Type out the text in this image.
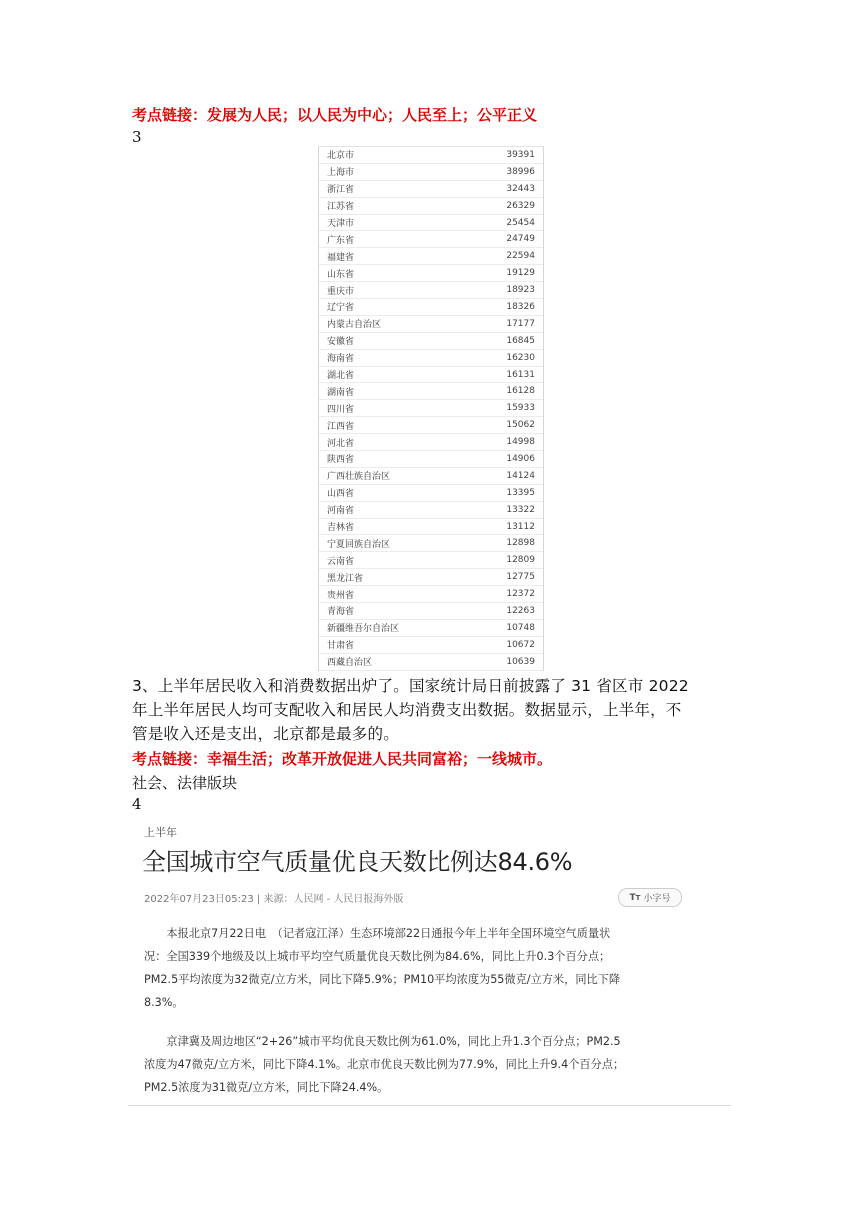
考点链接：发展为人民；以人民为中心；人民至上；公平正义
3
北京市	39391
上海市	38996
浙江省	32443
江苏省	26329
天津市	25454
广东省	24749
福建省	22594
山东省	19129
重庆市	18923
辽宁省	18326
内蒙古自治区	17177
安徽省	16845
海南省	16230
湖北省	16131
湖南省	16128
四川省	15933
江西省	15062
河北省	14998
陕西省	14906
广西壮族自治区	14124
山西省	13395
河南省	13322
吉林省	13112
宁夏回族自治区	12898
云南省	12809
黑龙江省	12775
贵州省	12372
青海省	12263
新疆维吾尔自治区	10748
甘肃省	10672
西藏自治区	10639
3、上半年居民收入和消费数据出炉了。国家统计局日前披露了 31 省区市 2022
年上半年居民人均可支配收入和居民人均消费支出数据。数据显示，上半年，不
管是收入还是支出，北京都是最多的。
考点链接：幸福生活；改革开放促进人民共同富裕；一线城市。
社会、法律版块
4
上半年
全国城市空气质量优良天数比例达84.6%
2022年07月23日05:23 | 来源：人民网 - 人民日报海外版	TT 小字号
　　本报北京7月22日电　（记者寇江泽）生态环境部22日通报今年上半年全国环境空气质量状
况：全国339个地级及以上城市平均空气质量优良天数比例为84.6%，同比上升0.3个百分点；
PM2.5平均浓度为32微克/立方米，同比下降5.9%；PM10平均浓度为55微克/立方米，同比下降
8.3%。
　　京津冀及周边地区“2+26”城市平均优良天数比例为61.0%，同比上升1.3个百分点；PM2.5
浓度为47微克/立方米，同比下降4.1%。北京市优良天数比例为77.9%，同比上升9.4个百分点；
PM2.5浓度为31微克/立方米，同比下降24.4%。
